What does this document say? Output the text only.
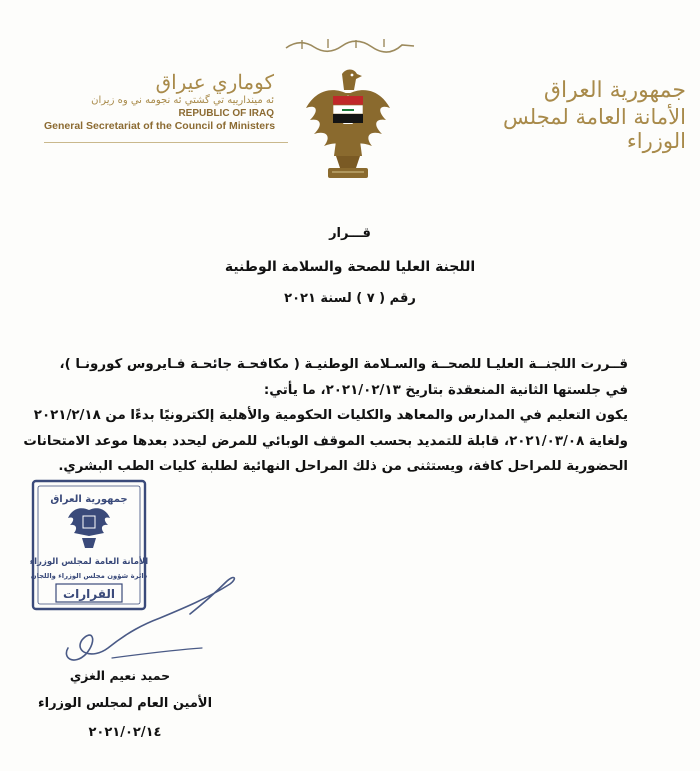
جمهورية العراق
الأمانة العامة لمجلس الوزراء
كوماري عيراق
ئه ميندارييه تي گشتي ئه نجومه ني وه زيران
REPUBLIC OF IRAQ
General Secretariat of the Council of Ministers
قـــرار
اللجنة العليا للصحة والسلامة الوطنية
رقم ( ٧ ) لسنة ٢٠٢١

قــررت اللجنــة العليـا للصحــة والسـلامة الوطنيـة ( مكافحـة جائحـة فـايروس كورونـا )،

في جلستها الثانية المنعقدة بتاريخ ٢٠٢١/٠٢/١٣، ما يأتي:

يكون التعليم في المدارس والمعاهد والكليات الحكومية والأهلية إلكترونيًا بدءًا من ٢٠٢١/٢/١٨

ولغاية ٢٠٢١/٠٣/٠٨، قابلة للتمديد بحسب الموقف الوبائي للمرض ليحدد بعدها موعد الامتحانات

الحضورية للمراحل كافة، ويستثنى من ذلك المراحل النهائية لطلبة كليات الطب البشري.

جمهورية العراق
الأمانة العامة لمجلس الوزراء
دائرة شؤون مجلس الوزراء واللجان
القرارات
حميد نعيم الغزي
الأمين العام لمجلس الوزراء
٢٠٢١/٠٢/١٤
